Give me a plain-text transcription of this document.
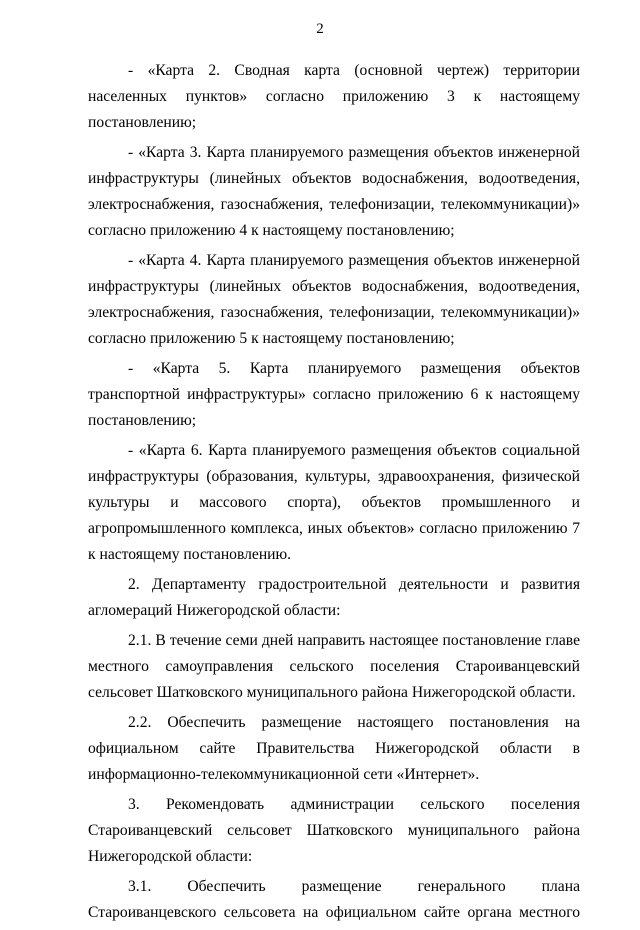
2

- «Карта 2. Сводная карта (основной чертеж) территории населенных пунктов» согласно приложению 3 к настоящему постановлению;

- «Карта 3. Карта планируемого размещения объектов инженерной инфраструктуры (линейных объектов водоснабжения, водоотведения, электроснабжения, газоснабжения, телефонизации, телекоммуникации)» согласно приложению 4 к настоящему постановлению;

- «Карта 4. Карта планируемого размещения объектов инженерной инфраструктуры (линейных объектов водоснабжения, водоотведения, электроснабжения, газоснабжения, телефонизации, телекоммуникации)» согласно приложению 5 к настоящему постановлению;

- «Карта 5. Карта планируемого размещения объектов транспортной инфраструктуры» согласно приложению 6 к настоящему постановлению;

- «Карта 6. Карта планируемого размещения объектов социальной инфраструктуры (образования, культуры, здравоохранения, физической культуры и массового спорта), объектов промышленного и агропромышленного комплекса, иных объектов» согласно приложению 7 к настоящему постановлению.

2. Департаменту градостроительной деятельности и развития агломераций Нижегородской области:

2.1. В течение семи дней направить настоящее постановление главе местного самоуправления сельского поселения Староиванцевский сельсовет Шатковского муниципального района Нижегородской области.

2.2. Обеспечить размещение настоящего постановления на официальном сайте Правительства Нижегородской области в информационно-телекоммуникационной сети «Интернет».

3. Рекомендовать администрации сельского поселения Староиванцевский сельсовет Шатковского муниципального района Нижегородской области:

3.1. Обеспечить размещение генерального плана Староиванцевского сельсовета на официальном сайте органа местного
